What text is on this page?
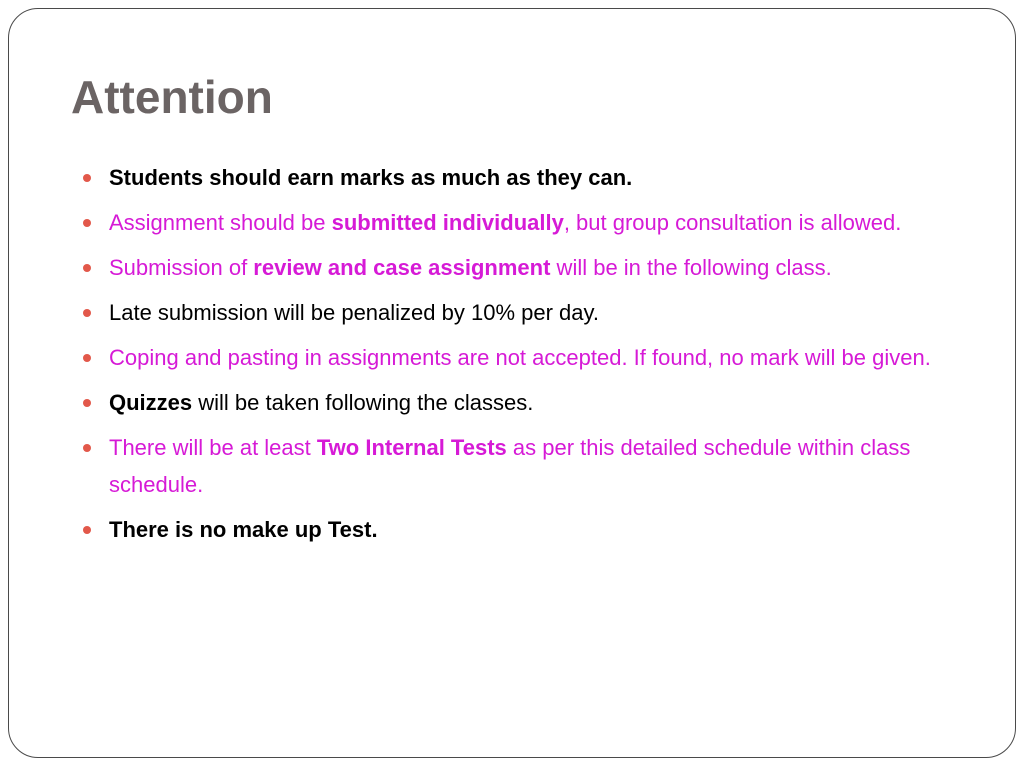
Attention
Students should earn marks as much as they can.
Assignment should be submitted individually, but group consultation is allowed.
Submission of review and case assignment will be in the following class.
Late submission will be penalized by 10% per day.
Coping and pasting in assignments are not accepted. If found, no mark will be given.
Quizzes will be taken following the classes.
There will be at least Two Internal Tests as per this detailed schedule within class schedule.
There is no make up Test.
